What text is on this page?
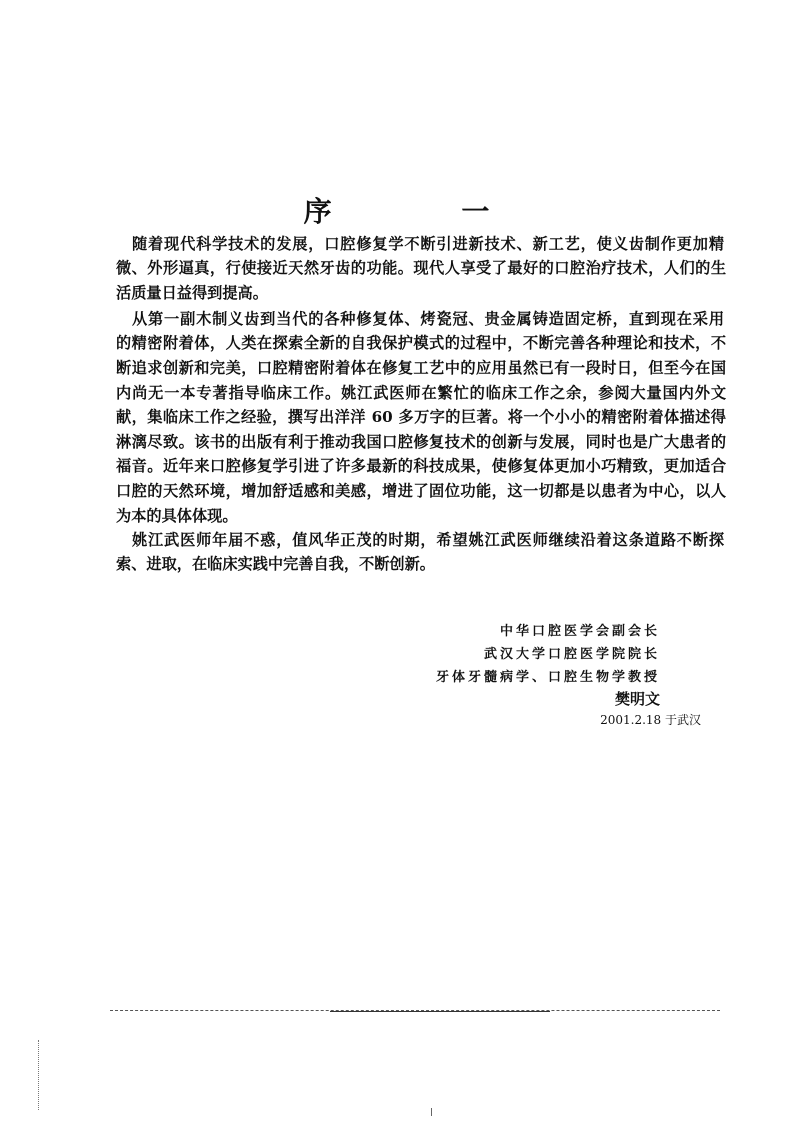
序 一
随着现代科学技术的发展，口腔修复学不断引进新技术、新工艺，使义齿制作更加精
微、外形逼真，行使接近天然牙齿的功能。现代人享受了最好的口腔治疗技术，人们的生
活质量日益得到提高。
从第一副木制义齿到当代的各种修复体、烤瓷冠、贵金属铸造固定桥，直到现在采用
的精密附着体，人类在探索全新的自我保护模式的过程中，不断完善各种理论和技术，不
断追求创新和完美，口腔精密附着体在修复工艺中的应用虽然已有一段时日，但至今在国
内尚无一本专著指导临床工作。姚江武医师在繁忙的临床工作之余，参阅大量国内外文
献，集临床工作之经验，撰写出洋洋 60 多万字的巨著。将一个小小的精密附着体描述得
淋漓尽致。该书的出版有利于推动我国口腔修复技术的创新与发展，同时也是广大患者的
福音。近年来口腔修复学引进了许多最新的科技成果，使修复体更加小巧精致，更加适合
口腔的天然环境，增加舒适感和美感，增进了固位功能，这一切都是以患者为中心，以人
为本的具体体现。
姚江武医师年届不惑，值风华正茂的时期，希望姚江武医师继续沿着这条道路不断探
索、进取，在临床实践中完善自我，不断创新。
中华口腔医学会副会长
武汉大学口腔医学院院长
牙体牙髓病学、口腔生物学教授
樊明文
2001.2.18 于武汉
